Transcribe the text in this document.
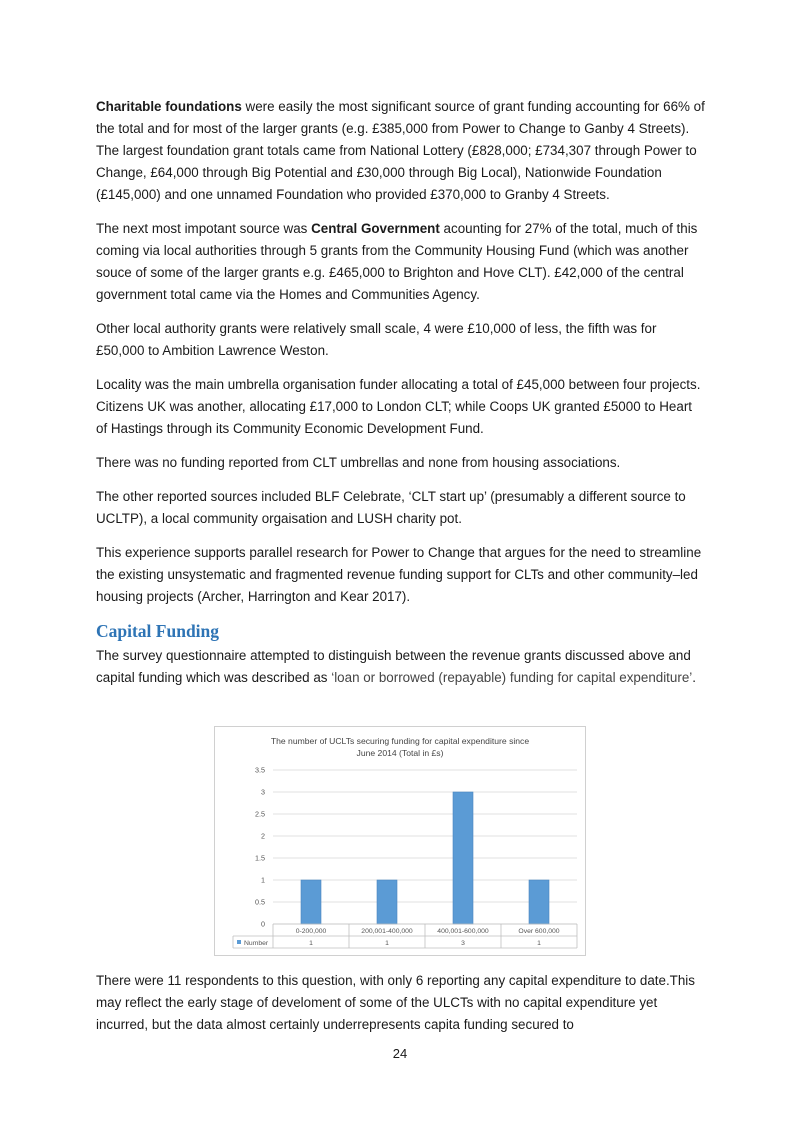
Charitable foundations were easily the most significant source of grant funding accounting for 66% of the total and for most of the larger grants (e.g. £385,000 from Power to Change to Ganby 4 Streets). The largest foundation grant totals came from National Lottery (£828,000; £734,307 through Power to Change, £64,000 through Big Potential and £30,000 through Big Local), Nationwide Foundation (£145,000) and one unnamed Foundation who provided £370,000 to Granby 4 Streets.

The next most impotant source was Central Government acounting for 27% of the total, much of this coming via local authorities through 5 grants from the Community Housing Fund (which was another souce of some of the larger grants e.g. £465,000 to Brighton and Hove CLT). £42,000 of the central government total came via the Homes and Communities Agency.

Other local authority grants were relatively small scale, 4 were £10,000 of less, the fifth was for £50,000 to Ambition Lawrence Weston.

Locality was the main umbrella organisation funder allocating a total of £45,000 between four projects. Citizens UK was another, allocating £17,000 to London CLT; while Coops UK granted £5000 to Heart of Hastings through its Community Economic Development Fund.

There was no funding reported from CLT umbrellas and none from housing associations.

The other reported sources included BLF Celebrate, ‘CLT start up’ (presumably a different source to UCLTP), a local community orgaisation and LUSH charity pot.

This experience supports parallel research for Power to Change that argues for the need to streamline the existing unsystematic and fragmented revenue funding support for CLTs and other community–led housing projects (Archer, Harrington and Kear 2017).

Capital Funding

The survey questionnaire attempted to distinguish between the revenue grants discussed above and capital funding which was described as ‘loan or borrowed (repayable) funding for capital expenditure’.

The number of UCLTs securing funding for capital expenditure since
June 2014 (Total in £s)
0
0.5
1
1.5
2
2.5
3
3.5
0-200,000
1
200,001-400,000
1
400,001-600,000
3
Over 600,000
1
Number

There were 11 respondents to this question, with only 6 reporting any capital expenditure to date.This may reflect the early stage of develoment of some of the ULCTs with no capital expenditure yet incurred, but the data almost certainly underrepresents capita funding secured to

24
